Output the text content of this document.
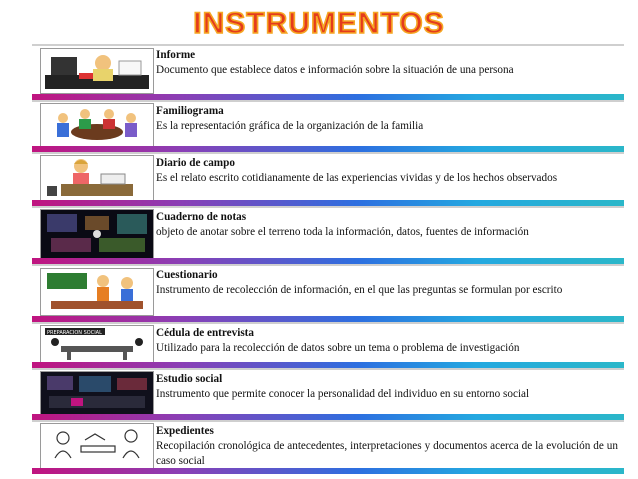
INSTRUMENTOS
Informe
Documento que establece datos e información sobre la situación de una persona
Familiograma
Es la representación gráfica de la organización de la familia
Diario de campo
Es el relato escrito cotidianamente de las experiencias vividas y de los hechos observados
Cuaderno de notas
objeto de anotar sobre el terreno toda la información, datos, fuentes de información
Cuestionario
Instrumento de recolección de información, en el que las preguntas se formulan por escrito
PREPARACION SOCIAL	Cédula de entrevista
Utilizado para la recolección de datos sobre un tema o problema de investigación
Estudio social
Instrumento que permite conocer la personalidad del individuo en su entorno social
Expedientes
Recopilación cronológica de antecedentes, interpretaciones y documentos acerca de la evolución de un caso social
